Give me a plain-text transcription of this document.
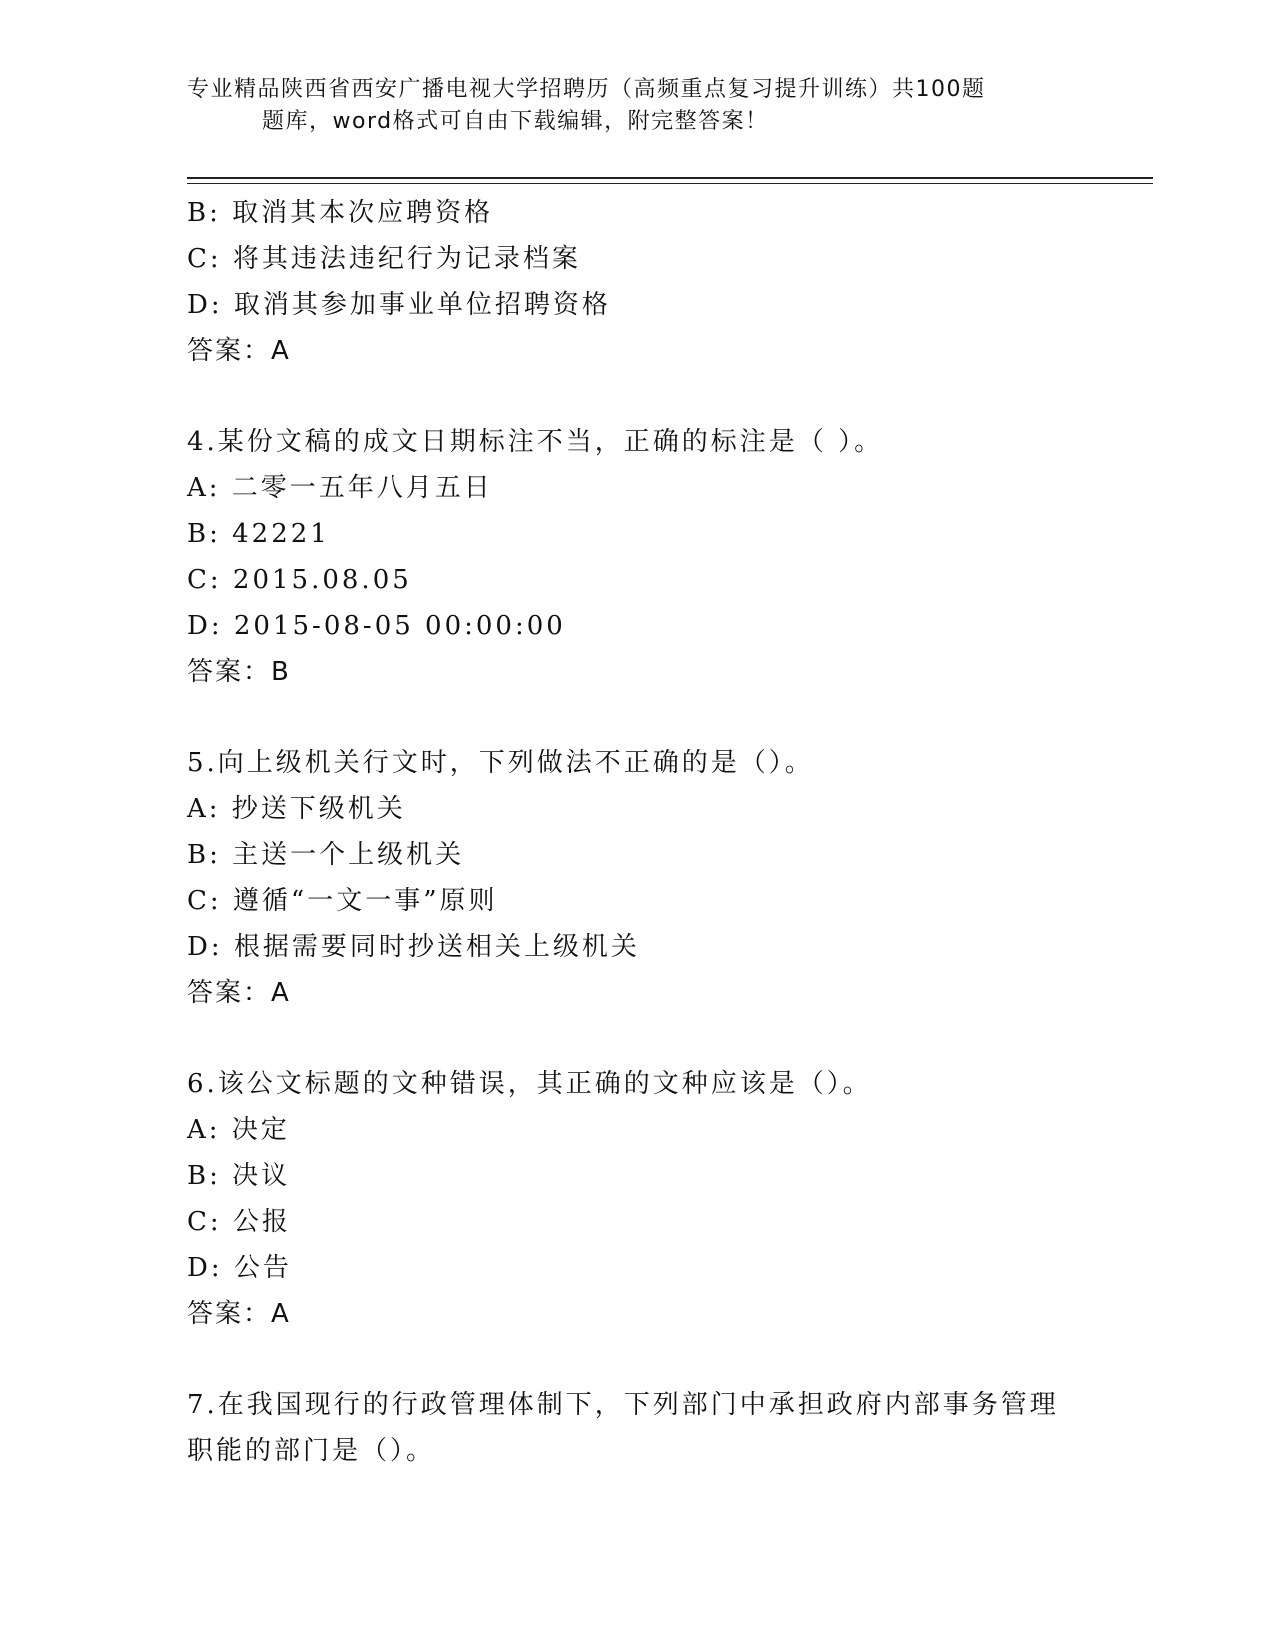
专业精品陕西省西安广播电视大学招聘历（高频重点复习提升训练）共100题
题库，word格式可自由下载编辑，附完整答案！
B: 取消其本次应聘资格
C: 将其违法违纪行为记录档案
D: 取消其参加事业单位招聘资格
答案：A
4.某份文稿的成文日期标注不当，正确的标注是（ ）。
A: 二零一五年八月五日
B: 42221
C: 2015.08.05
D: 2015-08-05 00:00:00
答案：B
5.向上级机关行文时，下列做法不正确的是（）。
A: 抄送下级机关
B: 主送一个上级机关
C: 遵循“一文一事”原则
D: 根据需要同时抄送相关上级机关
答案：A
6.该公文标题的文种错误，其正确的文种应该是（）。
A: 决定
B: 决议
C: 公报
D: 公告
答案：A
7.在我国现行的行政管理体制下，下列部门中承担政府内部事务管理
职能的部门是（）。
